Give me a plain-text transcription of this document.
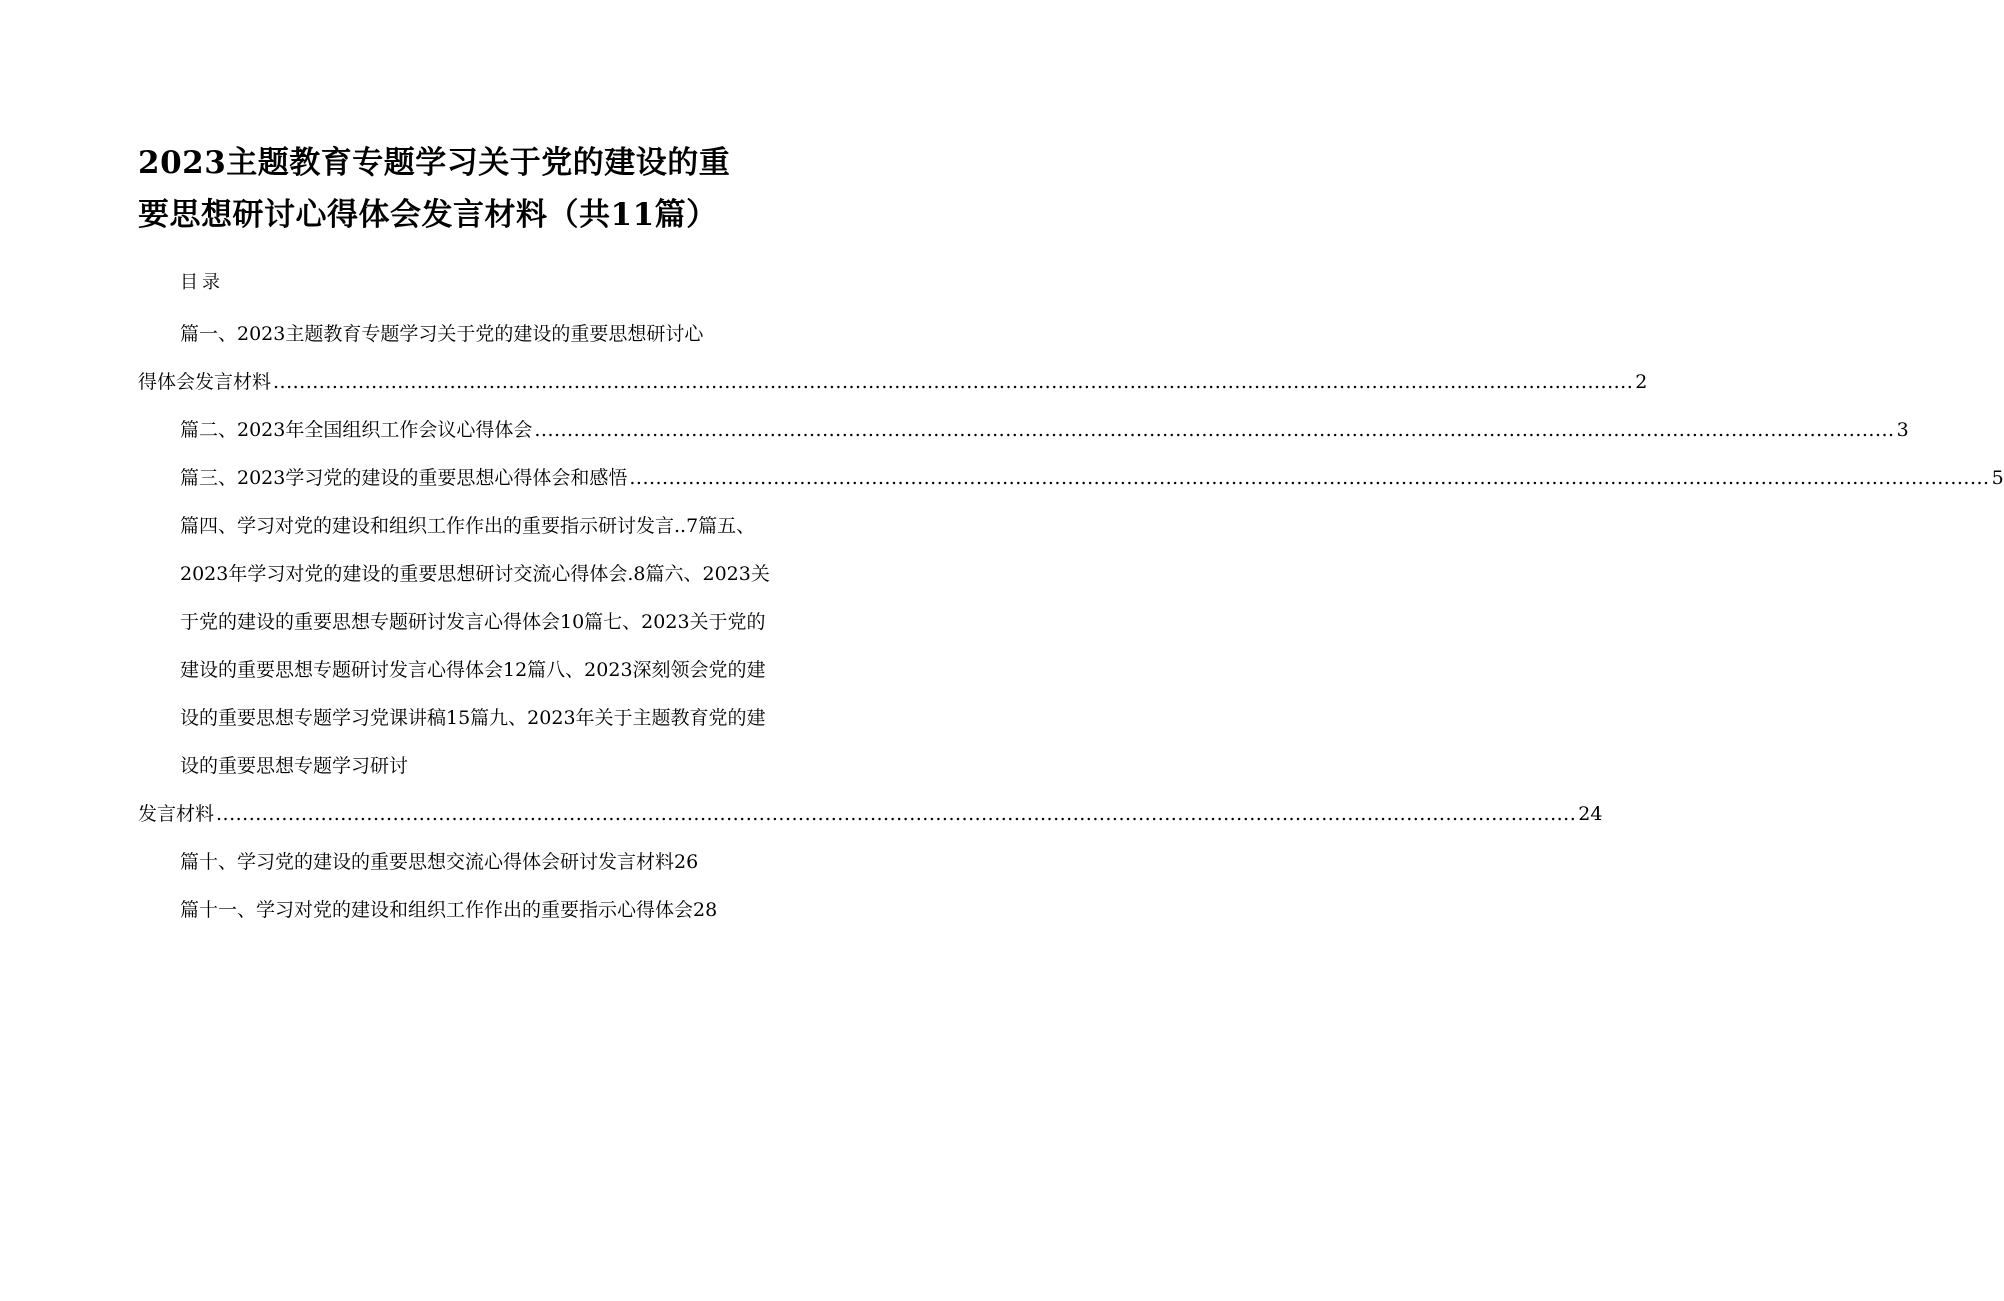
2023主题教育专题学习关于党的建设的重
要思想研讨心得体会发言材料（共11篇）
目录
篇一、2023主题教育专题学习关于党的建设的重要思想研讨心
得体会发言材料 ................................................................................................................................................................................................................ 2
篇二、2023年全国组织工作会议心得体会 ................................................................................................................................................................................................................ 3
篇三、2023学习党的建设的重要思想心得体会和感悟 ................................................................................................................................................................................................................ 5
篇四、学习对党的建设和组织工作作出的重要指示研讨发言..7篇五、
2023年学习对党的建设的重要思想研讨交流心得体会.8篇六、2023关
于党的建设的重要思想专题研讨发言心得体会10篇七、2023关于党的
建设的重要思想专题研讨发言心得体会12篇八、2023深刻领会党的建
设的重要思想专题学习党课讲稿15篇九、2023年关于主题教育党的建
设的重要思想专题学习研讨
发言材料 ................................................................................................................................................................................................................ 24
篇十、学习党的建设的重要思想交流心得体会研讨发言材料26
篇十一、学习对党的建设和组织工作作出的重要指示心得体会28
